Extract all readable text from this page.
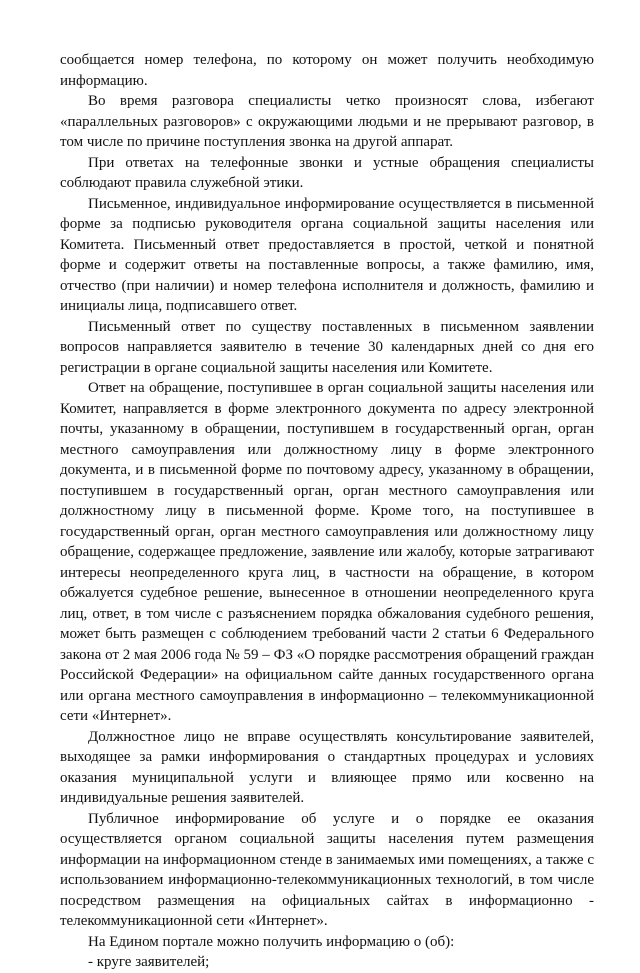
сообщается номер телефона, по которому он может получить необходимую информацию.

Во время разговора специалисты четко произносят слова, избегают «параллельных разговоров» с окружающими людьми и не прерывают разговор, в том числе по причине поступления звонка на другой аппарат.

При ответах на телефонные звонки и устные обращения специалисты соблюдают правила служебной этики.

Письменное, индивидуальное информирование осуществляется в письменной форме за подписью руководителя органа социальной защиты населения или Комитета. Письменный ответ предоставляется в простой, четкой и понятной форме и содержит ответы на поставленные вопросы, а также фамилию, имя, отчество (при наличии) и номер телефона исполнителя и должность, фамилию и инициалы лица, подписавшего ответ.

Письменный ответ по существу поставленных в письменном заявлении вопросов направляется заявителю в течение 30 календарных дней со дня его регистрации в органе социальной защиты населения или Комитете.

Ответ на обращение, поступившее в орган социальной защиты населения или Комитет, направляется в форме электронного документа по адресу электронной почты, указанному в обращении, поступившем в государственный орган, орган местного самоуправления или должностному лицу в форме электронного документа, и в письменной форме по почтовому адресу, указанному в обращении, поступившем в государственный орган, орган местного самоуправления или должностному лицу в письменной форме. Кроме того, на поступившее в государственный орган, орган местного самоуправления или должностному лицу обращение, содержащее предложение, заявление или жалобу, которые затрагивают интересы неопределенного круга лиц, в частности на обращение, в котором обжалуется судебное решение, вынесенное в отношении неопределенного круга лиц, ответ, в том числе с разъяснением порядка обжалования судебного решения, может быть размещен с соблюдением требований части 2 статьи 6 Федерального закона от 2 мая 2006 года № 59 – ФЗ «О порядке рассмотрения обращений граждан Российской Федерации» на официальном сайте данных государственного органа или органа местного самоуправления в информационно – телекоммуникационной сети «Интернет».

Должностное лицо не вправе осуществлять консультирование заявителей, выходящее за рамки информирования о стандартных процедурах и условиях оказания муниципальной услуги и влияющее прямо или косвенно на индивидуальные решения заявителей.

Публичное информирование об услуге и о порядке ее оказания осуществляется органом социальной защиты населения путем размещения информации на информационном стенде в занимаемых ими помещениях, а также с использованием информационно-телекоммуникационных технологий, в том числе посредством размещения на официальных сайтах в информационно - телекоммуникационной сети «Интернет».

На Едином портале можно получить информацию о (об):

- круге заявителей;
